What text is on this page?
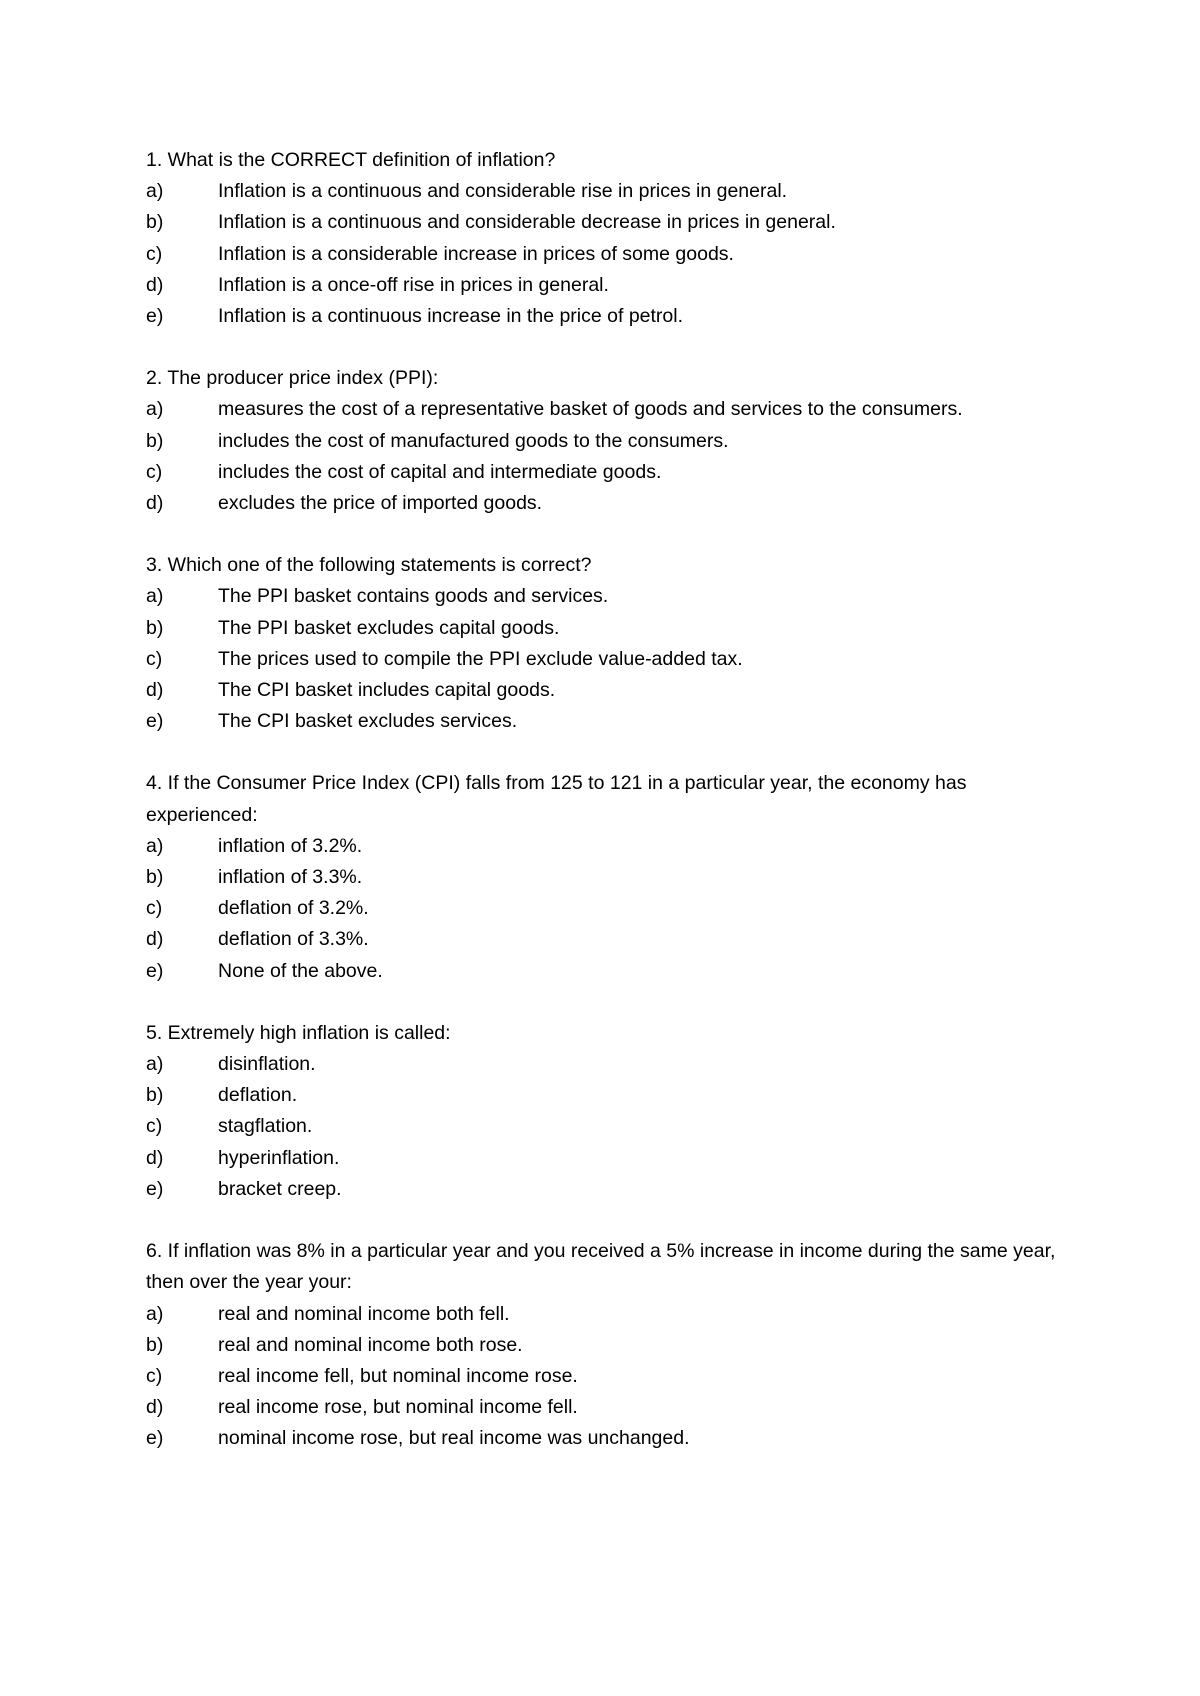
1. What is the CORRECT definition of inflation?
a)	Inflation is a continuous and considerable rise in prices in general.
b)	Inflation is a continuous and considerable decrease in prices in general.
c)	Inflation is a considerable increase in prices of some goods.
d)	Inflation is a once-off rise in prices in general.
e)	Inflation is a continuous increase in the price of petrol.
2. The producer price index (PPI):
a)	measures the cost of a representative basket of goods and services to the consumers.
b)	includes the cost of manufactured goods to the consumers.
c)	includes the cost of capital and intermediate goods.
d)	excludes the price of imported goods.
3. Which one of the following statements is correct?
a)	The PPI basket contains goods and services.
b)	The PPI basket excludes capital goods.
c)	The prices used to compile the PPI exclude value-added tax.
d)	The CPI basket includes capital goods.
e)	The CPI basket excludes services.
4. If the Consumer Price Index (CPI) falls from 125 to 121 in a particular year, the economy has experienced:
a)	inflation of 3.2%.
b)	inflation of 3.3%.
c)	deflation of 3.2%.
d)	deflation of 3.3%.
e)	None of the above.
5. Extremely high inflation is called:
a)	disinflation.
b)	deflation.
c)	stagflation.
d)	hyperinflation.
e)	bracket creep.
6. If inflation was 8% in a particular year and you received a 5% increase in income during the same year, then over the year your:
a)	real and nominal income both fell.
b)	real and nominal income both rose.
c)	real income fell, but nominal income rose.
d)	real income rose, but nominal income fell.
e)	nominal income rose, but real income was unchanged.
